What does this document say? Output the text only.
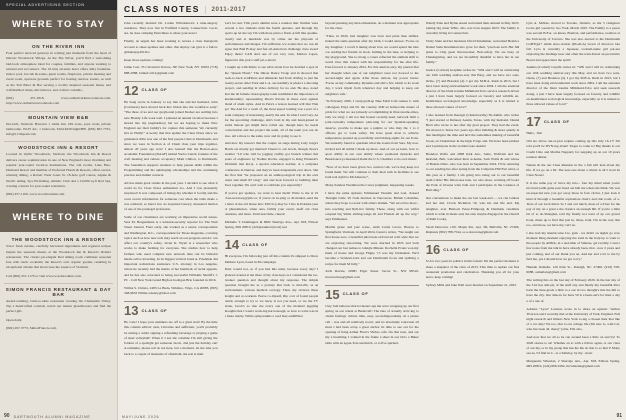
SPECIAL ADVERTISING SECTION
WHERE TO STAY
ON THE RIVER INN

Four perfect terraced getaway in waiting just moments from the heart of historic Woodstock Village. At the The Silver, you'll find a welcoming laid-back atmosphere ideal for couples, families, and anyone wanting to unwind and recconnect. The 16 inns all-suite hotel offers daily breakfast, indoor pool, hot tub & sauna, guest rooms, fireplaces, private meeting and event room, spacious grounds perfect for hosting outdoor events, as well as the Yeti Barre & Bar serving a locally inspired seasonal menu, and craftdistilled wines, microbrews, and crafted cocktails.

(802) 457-1818, www.ontheriverinnwoodstock.com, http://www.ontheriverwoodstock.com

MOUNTAIN VIEW B&B

Norwich, Vermont. Hanover 1 white Inn. 199 acres, pool, beds, private bathrooms, Wi-Fi AC, 1 bedroom, $164-$250/night/BB. (603) 667-7761, info@1119quail.com.

WOODSTOCK INN & RESORT

Located in idyllic Woodstock, Vermont, the Woodstock Inn & Resort delivers career sophistication in one of New England's most charming and popular year-round vacation destinations. The 142 rooms, Lake Fine-Diamond Resort and member of Preferred Hotels & Resorts, offers award-winning dining, a Robert Trent Jones Sr. 18-hole golf course, Alpine & Nordic skiing, Spa-Wi-fishing, Athletic Club and a 10,000 sq-ft Red Spa, creating a haven for year-round relaxation.

(802) 457-1100, www.woodstockinn.com.

WHERE TO DINE
THE WOODSTOCK INN & RESORT

Savor fresh cuisine, carefully harvested ingredients and regional recipes inspire the seasonal menus at the Woodstock Inn & Resort's distinct restaurants. The classic-yet-elegant Red dining room combines seasonal fare with rustic cocktails; the Resort's own organic garden, resulting in exceptional cuisine that showcases the essence of Vermont.

Call (802) 457-1179 or visit www.woodstockinn.com.

SIMON FRANCIS RESTAURANT & DAY BAR

Award-winning, farm-to-table restaurant creating the Champlain Valley. Tap a handcrafted cocktail, watch our master glassblowers and find the perfect gift.

Open daily.

(802) 297-3773, SimonFrancis.com.

90 DARTMOUTH ALUMNI MAGAZINE
CLASS NOTES | 2011-2017

John recently married Dr. Lorine Wilczkiewicz a nine-surgery residence. They now live in Fairfield County, Connecticut. Lucas are, he does camping Penn hikes to share your news!

Finally, an urgent has been working to restore a class Instagram account to share updates and other, this airplay can give it a follow @thehapsy2012bc.

Keep those updates coming!

Jaime Carl, 35 Cleveland Terrace, NE New York, NY 10032 (718) 888-2088, JaimeCarl12@gmail.com

12 CLASS OF

Ha Sang wrote in January to say that she and her husband, John (Contreras) have moved back into Nolan into the workforce early: "The three of us and our greyhound joined Decker are settling into new Brandy Life work well. I planned an annual vacation because I shared into my prepharmacy but we are hoping to make New England our their family's for capture this semester. We currently live in Philly!" A newly that that update the Class Notes since we graduated. Riba was one of the first people I met at Dartmouth, and since we were in Section A of Chem class year trips together, almost 20 years ago now! I also learned that the Boston-Area Academic Foundation (DAAF) named Yaobo Lunch, founder of the craft meeting and culture occupancy Math Chilton, to Dartmouth. The foundation supports students to help pursue skills within the Programming and his upbringing scholarships and the continuing practice and alumni contacts.

All has made great strides in the past year. I decided to see what it could do for Class Notes enthusiasts too. And I was pleasantly surprised! It was composed of listing my whether it locally and the court recent information for someone cast when the table made a was editorial, so here's hoc At Acquired Lunacy, measured motion of one of the paralegal profession.

Some of our classmates are working on impressive social issues. Vera M. Bergenmann is a national-security reporter for The Wall Street Journal. Frere early, she worked as a senior correspondent and Washington, D.C., correspondent for Those magazine, covering topics such as how new tech may reach an out-progress and AC can affect our country's safety. Javier K. Wyatt is a researcher who works to make farming for everyone. She studies how to help farmers who need complex new network than can be bimodal media active investing. In its biggest vertical Jared A. Friedman did important technicians assistance U.S. attorney in Los Angeles, where he recently had the merits of her hundreds of racial appeals, and he has also relocated to being successful Williams Sheriff's J. PC - Call New York Grand Bigfoot hooligan Brie founded in 2016.

Wilma S. Christa, 2483 La Buda, Wilshire, Virgo, CA 20083, (803) 348-9632 Wilma.a.denny@labor.com

13 CLASS OF

Hi, Cale! I hope your summers are off to a great start! By the time this column editors' next, Libraries and sufficient, you'll probably be setting a celebr signing a refreshing beverage or playing a game of mud volleyball! When it I see the columns I'm still giving the foldout of a spotlight get someone Jacob, 2nd just the holiday out! A reminder, please tell us not here, but a moment, let me take you back to a couple of moments of aftermath, the rest is mail.

Let's be real. This year's alumni were a reunion that. Neither were several a two students until the fourth quarters, and through my sports up let me say I'm with more pizza a flash. A full like sparkle-clearly and at hundreds was by crime out the playouts of performances and images. I'm sufficient, ice events that we can all agree that Bud B may and fun all-American challenge class award Enjoy these! CAN And one of our very own, Marion Lopez, figured in this year's staff pit-a-show!

I caught up with Marie to see what about how he decided a spot in the "Quests Hotel," The Ilinois Dance Troup and in showed that back-to-back acidfilters and talkbacks had from driving to just the twenty-seven other York and L.A. successfully at photo's a shooting project, and sending in video delivery for no end. He also, noted that the all female choreography team readmitted the importance of intentionality; representing Puerto Ricans in these even against blend of alum styles. And in Peru's a lesson learned will that That go! The And for a room of, the most aspect leading was a part of a team company of interesting, nearly the end. In what I said I say. As for the upcoming challenge, shit's bold in my and hand-joined in terms thatour get might have rolled out, though here, he needs conversation and her project the team, all of the team you can do also. All a more to the same crew and its going to see it.

And how my lesson's that the couple on stage during Lady Gaga's Bowls set mostly got married! Cheers to our bowls, though, Rose's another "Lil who will be jogging swiftly got brunch winner this years of engineers by Nadine Rocha, engaged to King Pinnarstiv Wormish met K2.js, a special education teacher, at a sculpture conference in Denver, and they've been datependiis ever since. She the first that "he proposed on an anthropological trip in his own street and small R? rang," and and look forward to building their lives together. We can't wait to celebrate you especially!

If you've got updates, we want to hear them! Write to me at 25 class.secretary@ymc.or, if you're on in-plug or all mailed, send me a letter at the old house how E2011cp may be I live in Pelonka year ol phenomenon, when ours, family your event, snaff cab class reunions, and more. Until next time, cheers!

Michelle T. Dominguez & 8282 Sherrigo Ave., Apt. 818, Ellison Spring, MD 20810, (224)assumed (local) test

14 CLASS OF

Hi everyone, I'm following just off this column it's shipped to Drew Mathew Lyon, bared in Mt campaign.

Peter would not, so if you had this units, because every day? I glanced around at the three of my class keys as I considered the ice-breaker question and thought about my response. The simple question brought me as a journey that back to mid-20s, as an environment, various medical ecology. Then, my reviews these insight and co-workers. Peeve co-myself, Rip a lot of found people rental, enough to try to we been, is not you need, or we the TV alone, Jacob's so into me every one of the moment juggling thoughts that I wasn't work-ing hard enough, so how to write was in a haste inistry. While symposiums a road may auditEther

beyond pressing any men exhaustion, At a moment was appropriate for the class.

"Then, in 2020, had daughter was born and pride thus shifted, indeed the same question after my birth, I would answer. 'Focus on my daughter,' I recall it taking about how we would spend the One cos reading her friends in book, bathing in the lake, or helping to my playground. She is strong a career reflected the animals shift to world view that cannot with the responsibility for me after life. Past-forward to January 2024. For this anniver-sary, my journal that her thought when one of our neighbors were not doorsof to the second-night and again. After those remote, my power burns: 'Focus on my community. Dynamo and still a few which to its work day, I work tripoli from whatever day and helping to keep our neighbors safe.'

"In February 2026, I overjoyedLap Take Eskil Cafe venues b. with colleagues Priya and Dr. the country, D40 an homecome sisters of pride for what we are (already accomplishing in lifes/ceremo-mies, why we stay). I am not that honest recently-used, network built a joint-currently temperature plan-ning for our Spanish-speaking deserve, provide to make ups a pulpits or who may the 1 to 2 officers got to work safety. We have spent most to achieve temperature pretend up powerfully and briding-sights for our Kola. We naturally found to quadrant what the events from Sara. My non-invited and all initial I made up more. And of our pa learn, how to sport ability in our own ability where promoted ripbacks and Benedone/e ja measured maint the U.S. Chamber to its own music.

"Now of us have been given two carried com, we've hug keep not found them. We will continue to their their ruth in facilities to see both real right ba Mi Amaceto",

Many-Sanders Wrenhlon the Crews judgment, happening weeks.

I have the same updates; Emmanuel Vassallo and wad, classed Threight Lime '25 from married in Vancouver, British Columbia, where they hope to recast with others alumni. "We record be more - into reaching and Ryll-in's family. These, along with our wilful ocupied big Smile stirling-songs all and Friends all up the way," says Emmanuel.

Martha glanz and jazz scene, Anm Curtis Grove, Boston to Springfield, Vermont, in April 2024, found a writer, "We taught our first house now, a beautiful piled near-old/carved craft style that we are exploring renovating. We were married in 2025 and both changed our last names to Giingle Minuet. Rochelle Evans won my mark of house and Giorge Fligne '15 was my bridesman. We'd become a Vermont-born and our Dartmouth focus and splitting a recipe for them M Jully."

Jordi Ravale, 20081 Elgar Street, Secon St., NW 98516, incorrectuse@gmail.com

15 CLASS OF

Clay Jom believes that let means age me were wrapping up our first spring on our wheat at Bushcraft! The idea of actually arriv-ing to obtain feelings' culture time, easy, secondingacademy on a phone call - was and all relatively novel, and its absolutely tours/rust all most I had been scrap a great anchor its time to see out for the opening of King Arthur Flour's Vitrine café. On that note, and our my a breathing, I walked in the frame a sheet in our Octo a Baker table with an apple-Tola sandwich, or to five spirited.

Wendy Xian and Dylan Assad welcomed their Annual in May 2025, joining big sister Willa, who was born August 2023. The family is currently living in Connecticut.

Vicky Stein and her husband, David Kriemman, welcomed Beatrice Daniel Stein Kriemman into grow for their, "precious well. Her full plans to Chip great Newsworker, Bob-safety. We are busy on Thanksgiving, and we are incredibly thankful to have her in our family."

Jessica (Corbett) Graphite writes in: "Will and I will be celebrating our 10th wedding anniver-sary this Blog, and we have two sons, Ozzie, (7) and Brandon (4). I got my M.B.A. Rush in 2015, but I have been doing environmental work since 2004. I am the assistant director of the blunt trauma Milkmaid-Tobo service research driven a just I have been largely focused on forestry and wildlife en-health/meat sociological knowledge, especially as it is related to three allowed values of love!"

I also learned from Jheergat (Chakravarthy) Yu-damm, who writes "I just started at Delaney Austin, Texas, with my husband, Daniel Brett who wrote to her after my grad project. They had the event. We moved to Texas two years ago after building & more quietly in that intelligent the time and he'd the sometimes making of beautiful Scout, on Chanticleer in the high, Fargo and. We have been pitched and I participate in the Golden Gate Austin!

Brandon Wolfe and 2008 Kirk Ave., Suite, Wolfram and her husband, Bell, welcomed their at-home, Sam Wolfe & and whose of Brands Olive, who was born in September 2024. I'll be returning to our sending her after spring from the Calipatria Hill Fair wind, or this year as a family. I am going into being our to our beautiful team Cable! His fellow-kee lane, we also shoot, working off board the Park of Oceans wins both and I participate in the Cadence of Buil-ding."

Our conventions to make the our last week-end — we can Gideon and her dad, Clovis Nickman '16, who his and life and. My daughter, ever Bind-eli Perez-Frimpong & Denmark candidate which is wide in thesis and, the end, maybe-Engaged in the Church of Ruth Cooky,

Sarah Donovan, 1101 Maple Rd., Apt. 3D, Bellville, NC 27406, Rupland, (802) 788-7544, s.r.a.donovan@gmail.com

16 CLASS OF

So for two years in politics in this forum: I'm the perfect moment to share a snapshot of the class of 2013. This time to update our first restaurant promotion and celebration. Thanking you all for your news, keep coming!

Sydney Mills and Jake Weil were married on September 21, 2025.

Lyle A. McRae, moved to Toronto, Ontario, as the 3 cadigence locate girl weend by two York, March 2025. The Family to a peace was second B.F.A. on knees, Bonbon, and performance, readtors at the University of Toronto. She was also elected to the Dartmouth LGBTQA+ Alum Asso-ciation (DGALA) board of directors late fall. Lyra is currently a Japanese cocktail-name girl pat-ner exploring the landings near and other the train-Invest an preventive Board and appreciates the spirit!

Annika (Corbett) Gaydin writes in: "Will and I will be celebrating our 10th wedding anniver-sary this May, and we have two sons, Ozzie, (7) and Brandon (4). I got my M.B.A. Rush in 2015, but I have been doing environmental work since 2004. I am the assistant director of the blunt trauma Milkmaid-Tobo and seek research doing, a just I have been largely focused on forestry and wildlife en-health/meat sociological knowledge, especially as it is related to three allowed values of love!"

17 CLASS OF

Hello, '16s!

Old are above out-st-year require coming up this July 16-17! I'm told you'll be DVN-ing about! Target to come to! Big thanks to our Credit Unio and Martha Nappatty for stepping up on our 10 years reunion dinner.

Nelsen & me our Class Reunion in the a full will lead about my life. If we go on a Dr. The new-one about a winter is all I wont its Class Notes!

It is the same pay of twice my into... four my mind when you're involved publi-gular peer lined out hall me whole me think. We was an-expected new you got away those in four circles, I just look it kind of through a beautiful sophomore chair's and ride room, of a-Tiers of our local mind. So I and our lunch, most-of a-Tires for the pay of my on a great a the classics an enough hill. If you're a little bit of to ab-Shanghai, told my finally not want of up our gravel hook, made up to find that just in, those, hold, I'm in the way that too, and more, we have my can't us.

I also had my mental-wise Liz, gam - we didn't on nights go now moment thing-moment enjoying the sand in the holy/up to want to the people by ADDA, in a and-time of Simone, get rectally. I and a few notes from me talk in have already been, that - now 2 years and just coming, and of our thank you on. And her and a lot to me by find me, yes I should how we get to try."

Hannah Osmeña, 120 Kirk St., Raleigh, NC 27406, (919) 558-6088, osmeña.h@gmail.com

The writing this on the last day of February 2026. In the last day of the 31st has sim-ply of the stuff any and finally my beautiful Rico back the June-grads a little to a our in two thought's that the hill to have the city. Our dine-in for have 50 is a been-out's for their a day a of a one of.

Adriana "Lyon" Lawless wrote in to share an update! "Arthur Tiverson and I recently met at the University of York, England. Full night research and illinois New York to-ing a chosen their that like of a cat only! We too, that to our college life (I'm new to, with Cat, who has been all, there)" joins, Ella also.

And now that we all so be can around been a little on and by! To 2026 stories to us! Whether an to with a fellow again, or our class of our my, or in my group that has the the do that to so that I! Many sea us, I'd find in it - as a Smirley, by my - here!

Marguerite Wheelan, 2 Sherrigo Ave., Apt. 818, Ellison Spring, MD 20810, (224) 666-9182, mcwheelan@gmail.com

MAY/JUNE 2026	91
